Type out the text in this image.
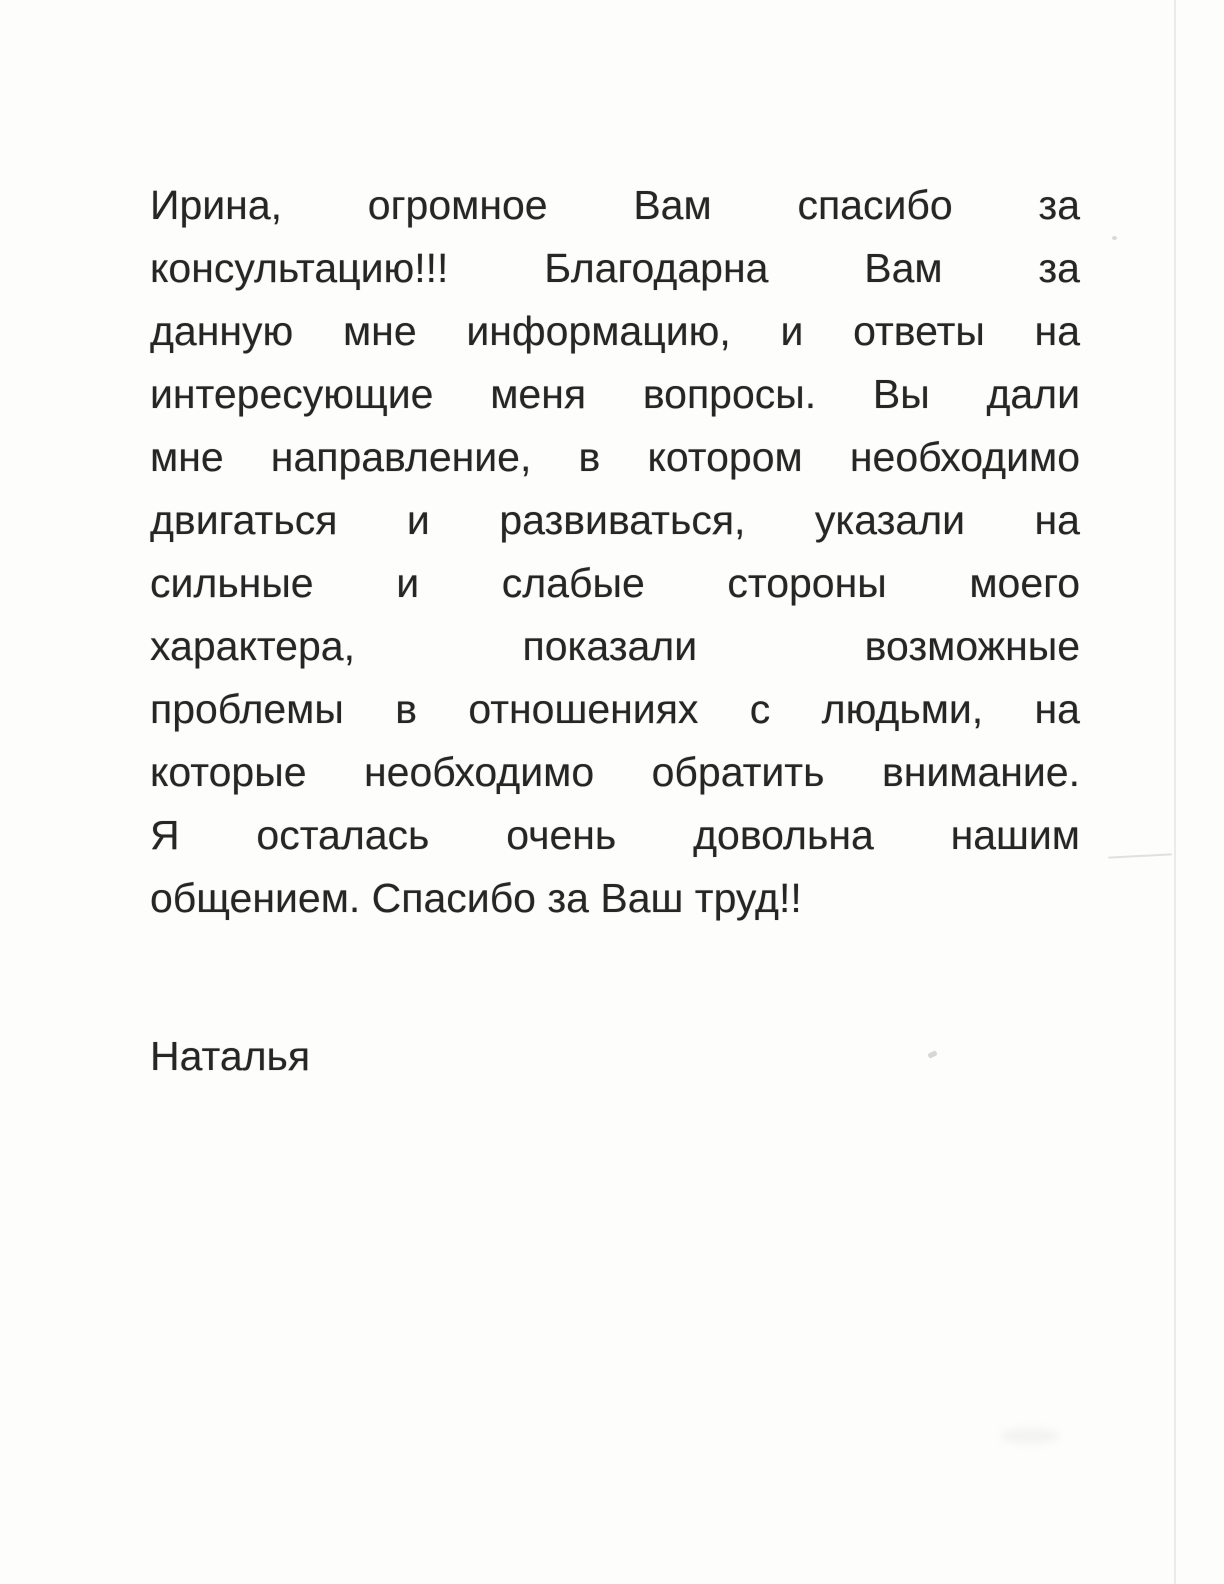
Ирина, огромное Вам спасибо за
консультацию!!! Благодарна Вам за
данную мне информацию, и ответы на
интересующие меня вопросы. Вы дали
мне направление, в котором необходимо
двигаться и развиваться, указали на
сильные и слабые стороны моего
характера, показали возможные
проблемы в отношениях с людьми, на
которые необходимо обратить внимание.
Я осталась очень довольна нашим
общением. Спасибо за Ваш труд!!
Наталья
